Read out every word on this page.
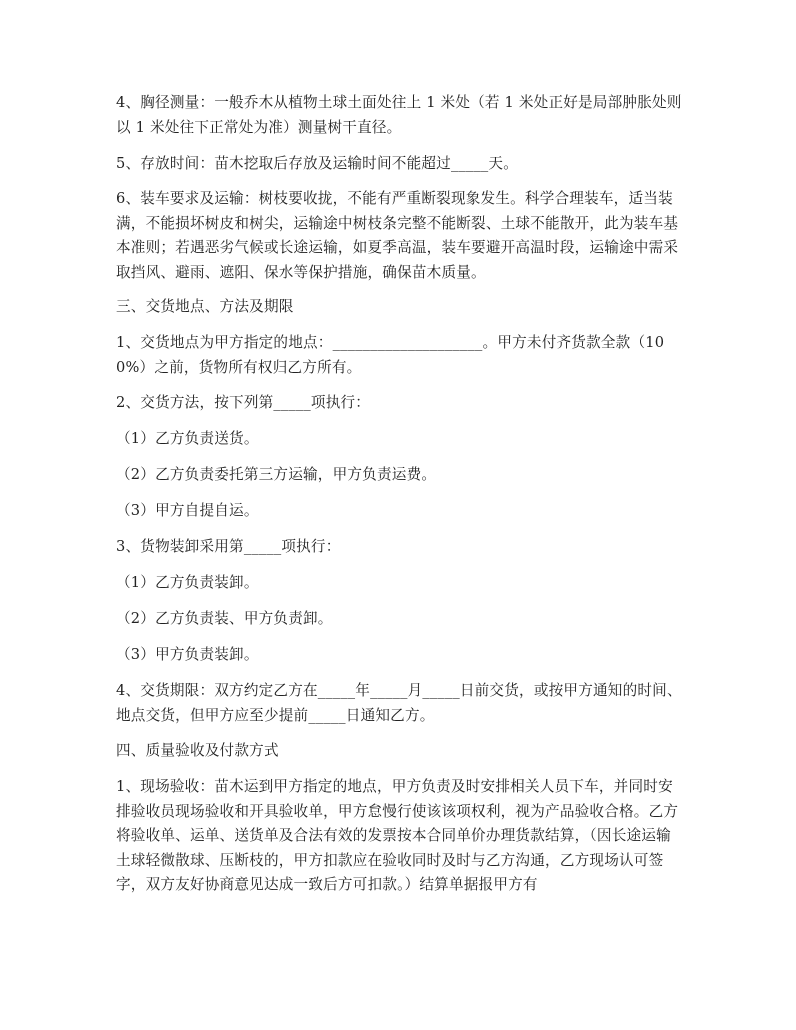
4、胸径测量：一般乔木从植物土球土面处往上 1 米处（若 1 米处正好是局部肿胀处则以 1 米处往下正常处为准）测量树干直径。

5、存放时间：苗木挖取后存放及运输时间不能超过_____天。

6、装车要求及运输：树枝要收拢，不能有严重断裂现象发生。科学合理装车，适当装满，不能损坏树皮和树尖，运输途中树枝条完整不能断裂、土球不能散开，此为装车基本准则；若遇恶劣气候或长途运输，如夏季高温，装车要避开高温时段，运输途中需采取挡风、避雨、遮阳、保水等保护措施，确保苗木质量。

三、交货地点、方法及期限

1、交货地点为甲方指定的地点：____________________。甲方未付齐货款全款（100%）之前，货物所有权归乙方所有。

2、交货方法，按下列第_____项执行：

（1）乙方负责送货。

（2）乙方负责委托第三方运输，甲方负责运费。

（3）甲方自提自运。

3、货物装卸采用第_____项执行：

（1）乙方负责装卸。

（2）乙方负责装、甲方负责卸。

（3）甲方负责装卸。

4、交货期限：双方约定乙方在_____年_____月_____日前交货，或按甲方通知的时间、地点交货，但甲方应至少提前_____日通知乙方。

四、质量验收及付款方式

1、现场验收：苗木运到甲方指定的地点，甲方负责及时安排相关人员下车，并同时安排验收员现场验收和开具验收单，甲方怠慢行使该该项权利，视为产品验收合格。乙方将验收单、运单、送货单及合法有效的发票按本合同单价办理货款结算，（因长途运输土球轻微散球、压断枝的，甲方扣款应在验收同时及时与乙方沟通，乙方现场认可签字，双方友好协商意见达成一致后方可扣款。）结算单据报甲方有
